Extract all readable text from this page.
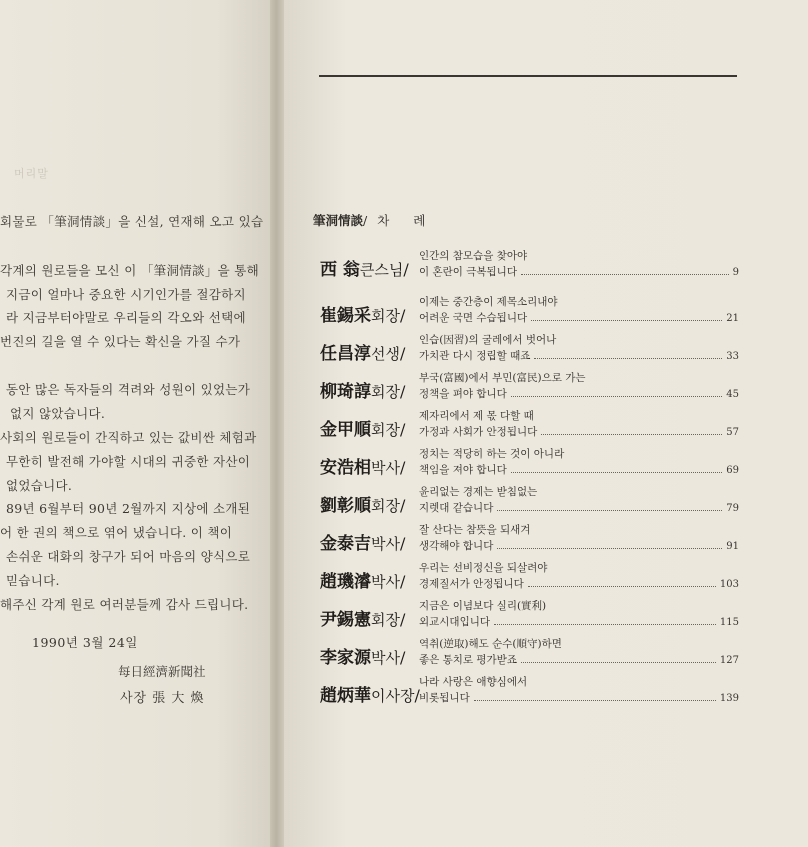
머리말
회물로 「筆洞情談」을 신설, 연재해 오고 있습
각계의 원로들을 모신 이 「筆洞情談」을 통해
지금이 얼마나 중요한 시기인가를 절감하지
라 지금부터야말로 우리들의 각오와 선택에
번진의 길을 열 수 있다는 확신을 가질 수가
동안 많은 독자들의 격려와 성원이 있었는가
없지 않았습니다.
사회의 원로들이 간직하고 있는 값비싼 체험과
무한히 발전해 가야할 시대의 귀중한 자산이
없었습니다.
89년 6월부터 90년 2월까지 지상에 소개된
어 한 권의 책으로 엮어 냈습니다. 이 책이
손쉬운 대화의 창구가 되어 마음의 양식으로
믿습니다.
해주신 각계 원로 여러분들께 감사 드립니다.
1990년 3월 24일
每日經濟新聞社
사장 張 大 煥
筆洞情談/차 례
西 翁큰스님/
인간의 참모습을 찾아야
이 혼란이 극복됩니다	9
崔錫采회장/
이제는 중간층이 제목소리내야
어려운 국면 수습됩니다	21
任昌淳선생/
인습(因習)의 굴레에서 벗어나
가치관 다시 정립할 때죠	33
柳琦諄회장/
부국(富國)에서 부민(富民)으로 가는
정책을 펴야 합니다	45
金甲順회장/
제자리에서 제 몫 다할 때
가정과 사회가 안정됩니다	57
安浩相박사/
정치는 적당히 하는 것이 아니라
책임을 져야 합니다	69
劉彰順회장/
윤리없는 경제는 받침없는
지렛대 같습니다	79
金泰吉박사/
잘 산다는 참뜻을 되새겨
생각해야 합니다	91
趙璣濬박사/
우리는 선비정신을 되살려야
경제질서가 안정됩니다	103
尹錫憲회장/
지금은 이념보다 실리(實利)
외교시대입니다	115
李家源박사/
역취(逆取)해도 순수(順守)하면
좋은 통치로 평가받죠	127
趙炳華이사장/
나라 사랑은 애향심에서
비롯됩니다	139
